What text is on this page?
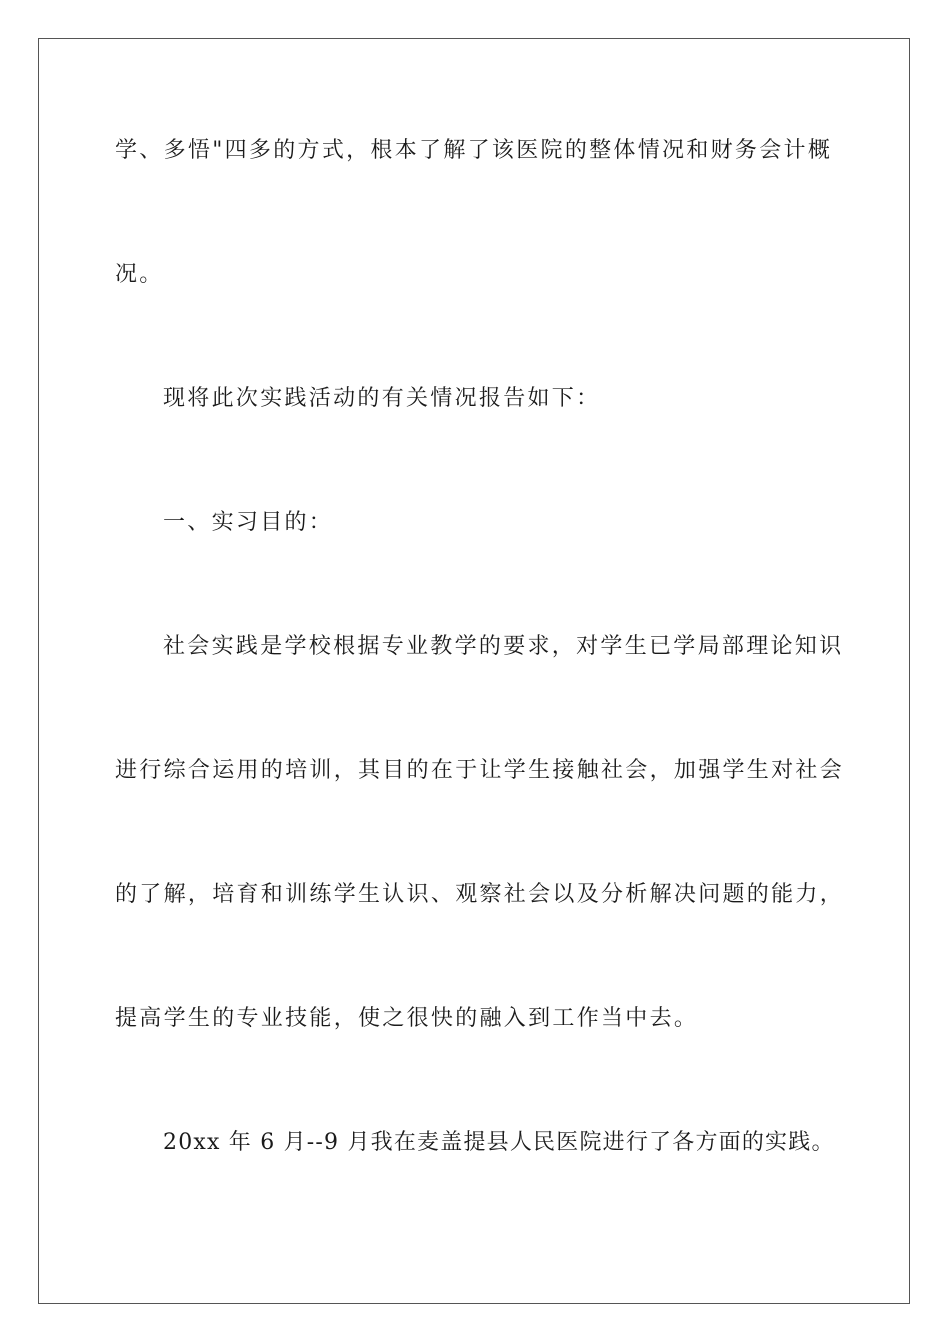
学、多悟"四多的方式，根本了解了该医院的整体情况和财务会计概
况。
现将此次实践活动的有关情况报告如下：
一、实习目的：
社会实践是学校根据专业教学的要求，对学生已学局部理论知识
进行综合运用的培训，其目的在于让学生接触社会，加强学生对社会
的了解，培育和训练学生认识、观察社会以及分析解决问题的能力，
提高学生的专业技能，使之很快的融入到工作当中去。
20xx 年 6 月--9 月我在麦盖提县人民医院进行了各方面的实践。
